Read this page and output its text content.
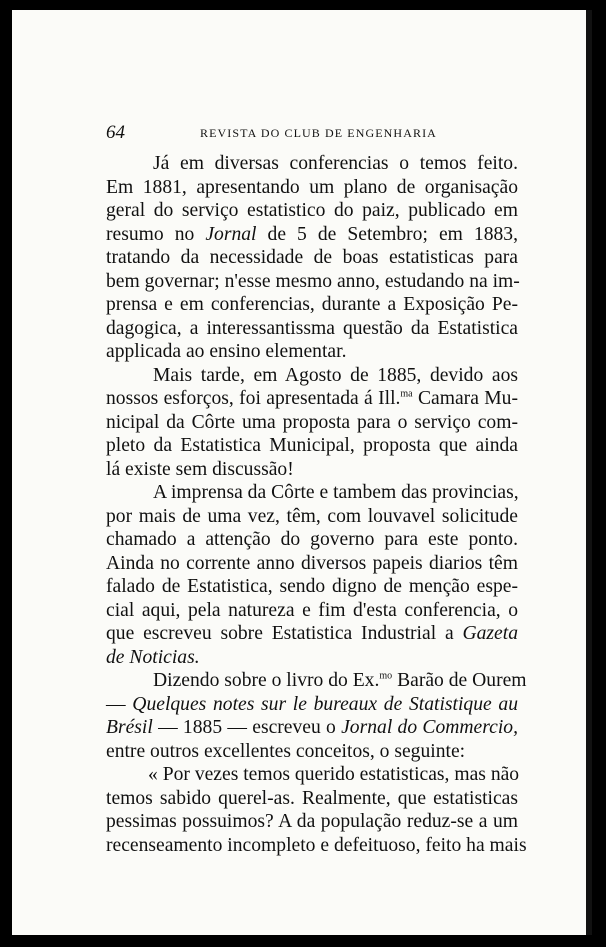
64	REVISTA DO CLUB DE ENGENHARIA
Já em diversas conferencias o temos feito.
Em 1881, apresentando um plano de organisação
geral do serviço estatistico do paiz, publicado em
resumo no Jornal de 5 de Setembro; em 1883,
tratando da necessidade de boas estatisticas para
bem governar; n'esse mesmo anno, estudando na im-
prensa e em conferencias, durante a Exposição Pe-
dagogica, a interessantissma questão da Estatistica
applicada ao ensino elementar.
Mais tarde, em Agosto de 1885, devido aos
nossos esforços, foi apresentada á Ill.$^{ma}$ Camara Mu-
nicipal da Côrte uma proposta para o serviço com-
pleto da Estatistica Municipal, proposta que ainda
lá existe sem discussão!
A imprensa da Côrte e tambem das provincias,
por mais de uma vez, têm, com louvavel solicitude
chamado a attenção do governo para este ponto.
Ainda no corrente anno diversos papeis diarios têm
falado de Estatistica, sendo digno de menção espe-
cial aqui, pela natureza e fim d'esta conferencia, o
que escreveu sobre Estatistica Industrial a Gazeta
de Noticias.
Dizendo sobre o livro do Ex.$^{mo}$ Barão de Ourem
— Quelques notes sur le bureaux de Statistique au
Brésil — 1885 — escreveu o Jornal do Commercio,
entre outros excellentes conceitos, o seguinte:
« Por vezes temos querido estatisticas, mas não
temos sabido querel-as. Realmente, que estatisticas
pessimas possuimos? A da população reduz-se a um
recenseamento incompleto e defeituoso, feito ha mais
